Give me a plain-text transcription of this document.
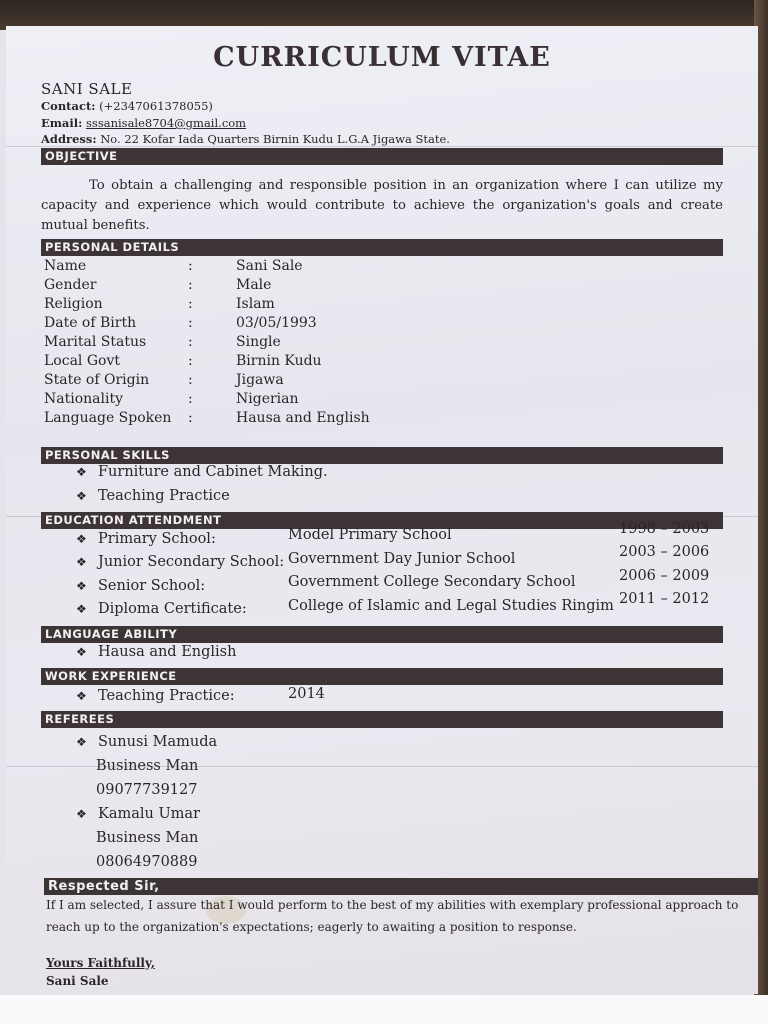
CURRICULUM VITAE
SANI SALE
Contact: (+2347061378055)
Email: sssanisale8704@gmail.com
Address: No. 22 Kofar Iada Quarters Birnin Kudu L.G.A Jigawa State.
OBJECTIVE
To obtain a challenging and responsible position in an organization where I can utilize my capacity and experience which would contribute to achieve the organization's goals and create mutual benefits.
PERSONAL DETAILS
Name	:	Sani Sale
Gender	:	Male
Religion	:	Islam
Date of Birth	:	03/05/1993
Marital Status	:	Single
Local Govt	:	Birnin Kudu
State of Origin	:	Jigawa
Nationality	:	Nigerian
Language Spoken	:	Hausa and English
PERSONAL SKILLS
❖ Furniture and Cabinet Making.
❖ Teaching Practice
EDUCATION ATTENDMENT
❖ Primary School:	Model Primary School	1998 – 2003
❖ Junior Secondary School: Government Day Junior School	2003 – 2006
❖ Senior School:	Government College Secondary School	2006 – 2009
❖ Diploma Certificate:	College of Islamic and Legal Studies Ringim 2011 – 2012
LANGUAGE ABILITY
❖ Hausa and English
WORK EXPERIENCE
❖ Teaching Practice:	2014
REFEREES
❖ Sunusi Mamuda
Business Man
09077739127
❖ Kamalu Umar
Business Man
08064970889
Respected Sir,
If I am selected, I assure that I would perform to the best of my abilities with exemplary professional approach to reach up to the organization's expectations; eagerly to awaiting a position to response.
Yours Faithfully,
Sani Sale
